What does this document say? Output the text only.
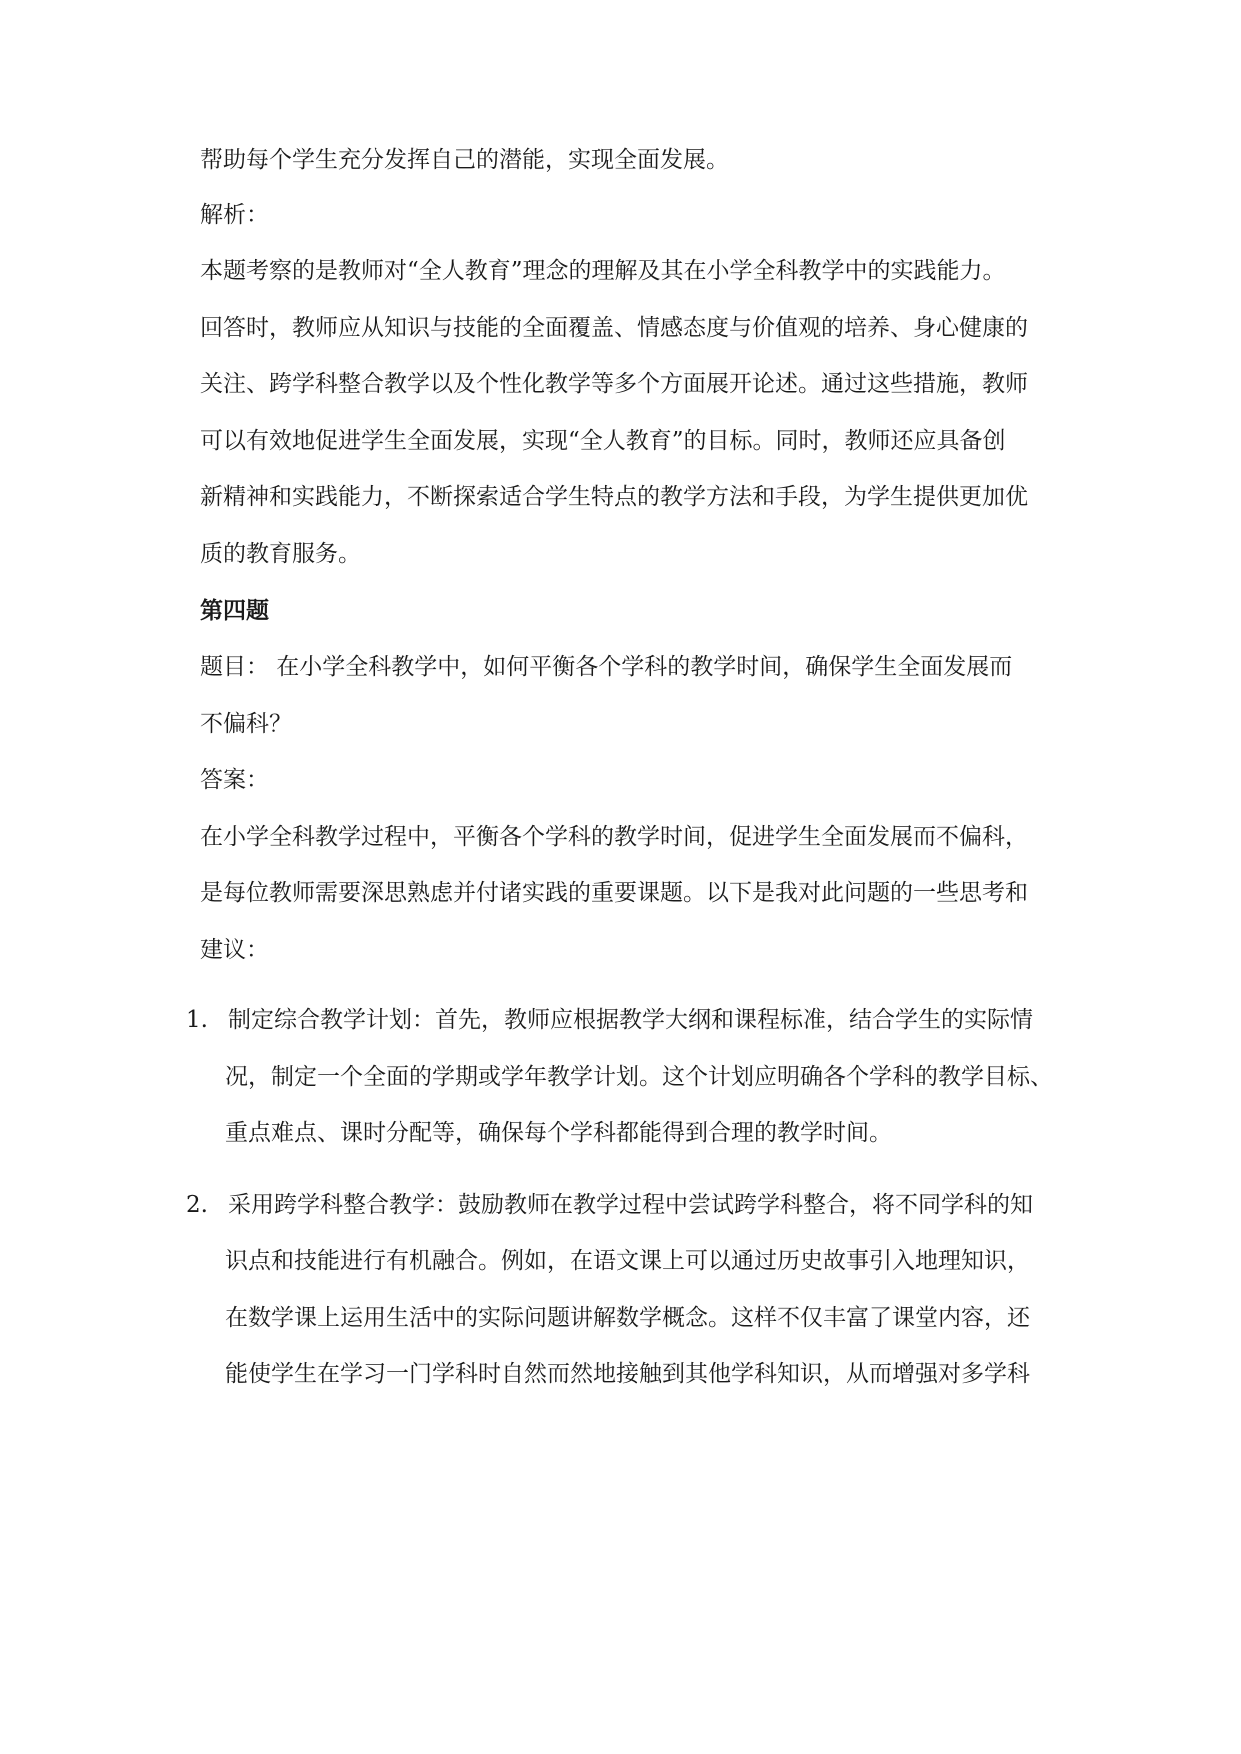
帮助每个学生充分发挥自己的潜能，实现全面发展。
解析：
本题考察的是教师对“全人教育”理念的理解及其在小学全科教学中的实践能力。
回答时，教师应从知识与技能的全面覆盖、情感态度与价值观的培养、身心健康的
关注、跨学科整合教学以及个性化教学等多个方面展开论述。通过这些措施，教师
可以有效地促进学生全面发展，实现“全人教育”的目标。同时，教师还应具备创
新精神和实践能力，不断探索适合学生特点的教学方法和手段，为学生提供更加优
质的教育服务。
第四题
题目： 在小学全科教学中，如何平衡各个学科的教学时间，确保学生全面发展而
不偏科？
答案：
在小学全科教学过程中，平衡各个学科的教学时间，促进学生全面发展而不偏科，
是每位教师需要深思熟虑并付诸实践的重要课题。以下是我对此问题的一些思考和
建议：
1. 制定综合教学计划：首先，教师应根据教学大纲和课程标准，结合学生的实际情
况，制定一个全面的学期或学年教学计划。这个计划应明确各个学科的教学目标、
重点难点、课时分配等，确保每个学科都能得到合理的教学时间。
2. 采用跨学科整合教学：鼓励教师在教学过程中尝试跨学科整合，将不同学科的知
识点和技能进行有机融合。例如，在语文课上可以通过历史故事引入地理知识，
在数学课上运用生活中的实际问题讲解数学概念。这样不仅丰富了课堂内容，还
能使学生在学习一门学科时自然而然地接触到其他学科知识，从而增强对多学科
